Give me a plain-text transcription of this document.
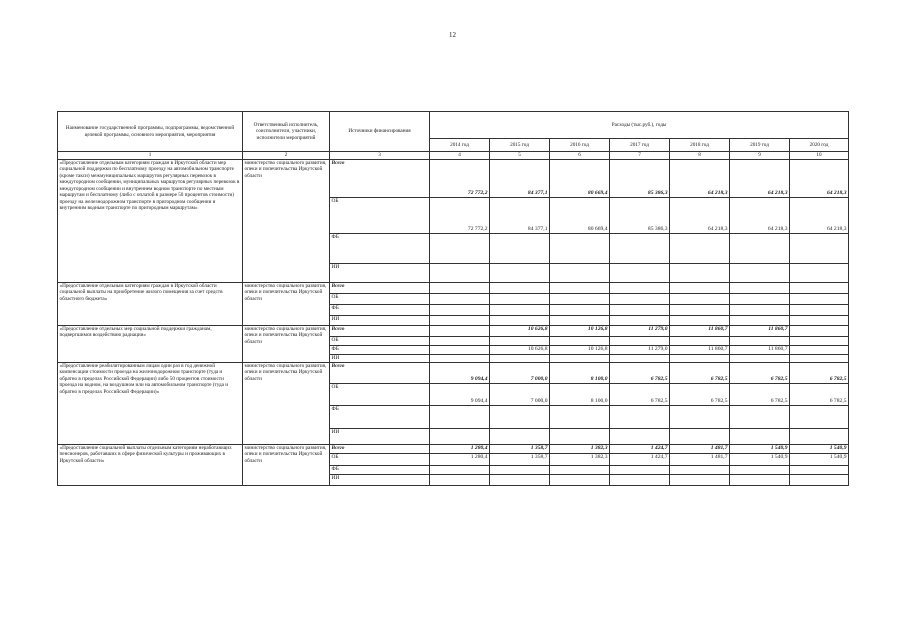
12
Наименование государственной программы, подпрограммы, ведомственной целевой программы, основного мероприятия, мероприятия	Ответственный исполнитель, соисполнители, участники, исполнители мероприятий	Источники финансирования	Расходы (тыс.руб.), годы						
			2014 год	2015 год	2016 год	2017 год	2018 год	2019 год	2020 год
1	2	3	4	5	6	7	8	9	10
«Предоставление отдельным категориям граждан в Иркутской области мер социальной поддержки по бесплатному проезду на автомобильном транспорте (кроме такси) межмуниципальных маршрутов регулярных перевозок в междугородном сообщении, муниципальных маршрутов регулярных перевозок в междугородном сообщении и внутреннем водном транспорте по местным маршрутам и бесплатному (либо с оплатой в размере 50 процентов стоимости) проезду на железнодорожном транспорте в пригородном сообщении и внутренним водным транспорте по пригородным маршрутам»	министерство социального развития, опеки и попечительства Иркутской области	Всего	72 772,2	84 377,1	80 669,4	85 386,3	64 218,3	64 218,3	64 218,3
		ОБ	72 772,2	84 377,1	80 669,4	85 386,3	64 218,3	64 218,3	64 218,3
		ФБ							
		ИИ							
«Предоставление отдельным категориям граждан в Иркутской области социальной выплаты на приобретение жилого помещения за счет средств областного бюджета»	министерство социального развития, опеки и попечительства Иркутской области	Всего							
		ОБ							
		ФБ							
		ИИ							
«Предоставление отдельных мер социальной поддержки гражданам, подвергшимся воздействию радиации»	министерство социального развития, опеки и попечительства Иркутской области	Всего		10 626,8	10 126,8	11 279,0	11 860,7	11 860,7	
		ОБ							
		ФБ		10 626,8	10 126,8	11 279,0	11 860,7	11 860,7	
		ИИ							
«Предоставление реабилитированным лицам один раз в год денежной компенсации стоимости проезда на железнодорожном транспорте (туда и обратно в пределах Российской Федерации) либо 50 процентов стоимости проезда на водном, на воздушном или на автомобильном транспорте (туда и обратно в пределах Российской Федерации)»	министерство социального развития, опеки и попечительства Иркутской области	Всего	9 094,4	7 000,0	8 100,0	6 782,5	6 782,5	6 782,5	6 782,5
		ОБ	9 094,4	7 000,0	8 100,0	6 782,5	6 782,5	6 782,5	6 782,5
		ФБ							
		ИИ							
«Предоставление социальной выплаты отдельным категориям неработающих пенсионеров, работавших в сфере физической культуры и проживающих в Иркутской области»	министерство социального развития, опеки и попечительства Иркутской области	Всего	1 280,4	1 358,7	1 382,3	1 424,7	1 481,7	1 540,9	1 540,9
		ОБ	1 280,4	1 358,7	1 382,3	1 424,7	1 481,7	1 540,9	1 540,9
		ФБ							
		ИИ							
